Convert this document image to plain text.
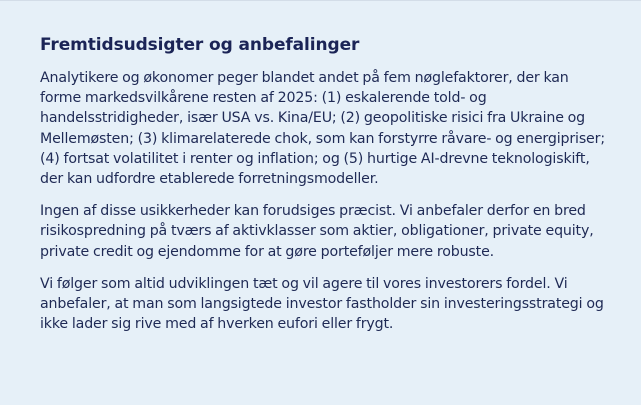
Fremtidsudsigter og anbefalinger

Analytikere og økonomer peger blandet andet på fem nøglefaktorer, der kan forme markedsvilkårene resten af 2025: (1) eskalerende told- og handelsstridigheder, især USA vs. Kina/EU; (2) geopolitiske risici fra Ukraine og Mellemøsten; (3) klimarelaterede chok, som kan forstyrre råvare- og energipriser; (4) fortsat volatilitet i renter og inflation; og (5) hurtige AI-drevne teknologiskift, der kan udfordre etablerede forretningsmodeller.

Ingen af disse usikkerheder kan forudsiges præcist. Vi anbefaler derfor en bred risikospredning på tværs af aktivklasser som aktier, obligationer, private equity, private credit og ejendomme for at gøre porteføljer mere robuste.

Vi følger som altid udviklingen tæt og vil agere til vores investorers fordel. Vi anbefaler, at man som langsigtede investor fastholder sin investeringsstrategi og ikke lader sig rive med af hverken eufori eller frygt.
